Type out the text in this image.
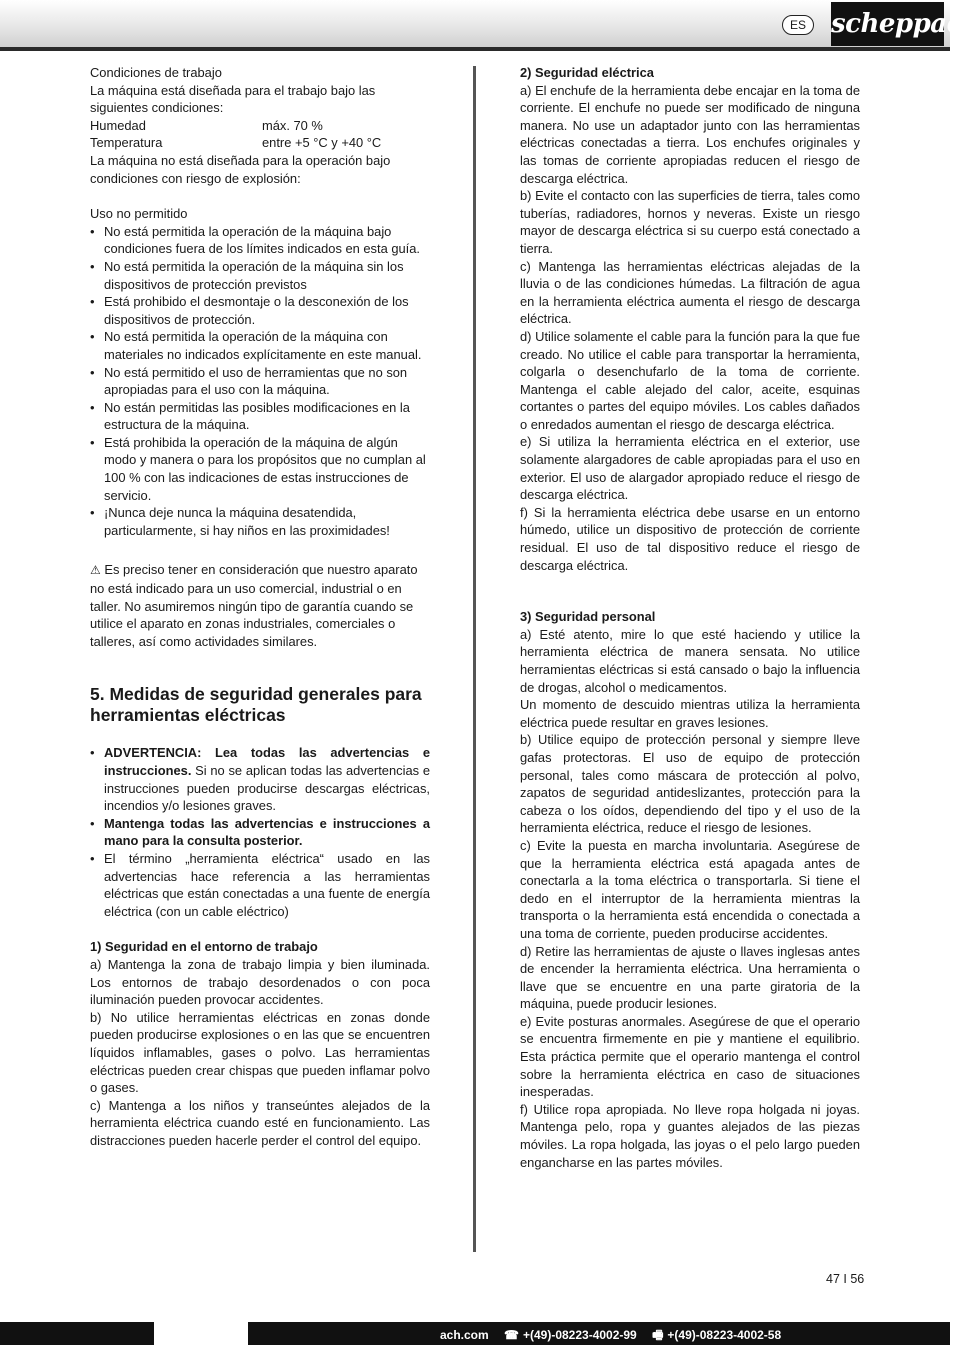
ES scheppach

Condiciones de trabajo

La máquina está diseñada para el trabajo bajo las siguientes condiciones:

Humedad	máx. 70 %
Temperatura	entre +5 °C y +40 °C

La máquina no está diseñada para la operación bajo condiciones con riesgo de explosión:

Uso no permitido

• No está permitida la operación de la máquina bajo condiciones fuera de los límites indicados en esta guía.
• No está permitida la operación de la máquina sin los dispositivos de protección previstos
• Está prohibido el desmontaje o la desconexión de los dispositivos de protección.
• No está permitida la operación de la máquina con materiales no indicados explícitamente en este manual.
• No está permitido el uso de herramientas que no son apropiadas para el uso con la máquina.
• No están permitidas las posibles modificaciones en la estructura de la máquina.
• Está prohibida la operación de la máquina de algún modo y manera o para los propósitos que no cumplan al 100 % con las indicaciones de estas instrucciones de servicio.
• ¡Nunca deje nunca la máquina desatendida, particularmente, si hay niños en las proximidades!

⚠ Es preciso tener en consideración que nuestro aparato no está indicado para un uso comercial, industrial o en taller. No asumiremos ningún tipo de garantía cuando se utilice el aparato en zonas industriales, comerciales o talleres, así como actividades similares.

5. Medidas de seguridad generales para herramientas eléctricas

• ADVERTENCIA: Lea todas las advertencias e instrucciones. Si no se aplican todas las advertencias e instrucciones pueden producirse descargas eléctricas, incendios y/o lesiones graves.
• Mantenga todas las advertencias e instrucciones a mano para la consulta posterior.
• El término „herramienta eléctrica“ usado en las advertencias hace referencia a las herramientas eléctricas que están conectadas a una fuente de energía eléctrica (con un cable eléctrico)

1) Seguridad en el entorno de trabajo

a) Mantenga la zona de trabajo limpia y bien iluminada. Los entornos de trabajo desordenados o con poca iluminación pueden provocar accidentes.

b) No utilice herramientas eléctricas en zonas donde pueden producirse explosiones o en las que se encuentren líquidos inflamables, gases o polvo. Las herramientas eléctricas pueden crear chispas que pueden inflamar polvo o gases.

c) Mantenga a los niños y transeúntes alejados de la herramienta eléctrica cuando esté en funcionamiento. Las distracciones pueden hacerle perder el control del equipo.

2) Seguridad eléctrica

a) El enchufe de la herramienta debe encajar en la toma de corriente. El enchufe no puede ser modificado de ninguna manera. No use un adaptador junto con las herramientas eléctricas conectadas a tierra. Los enchufes originales y las tomas de corriente apropiadas reducen el riesgo de descarga eléctrica.

b) Evite el contacto con las superficies de tierra, tales como tuberías, radiadores, hornos y neveras. Existe un riesgo mayor de descarga eléctrica si su cuerpo está conectado a tierra.

c) Mantenga las herramientas eléctricas alejadas de la lluvia o de las condiciones húmedas. La filtración de agua en la herramienta eléctrica aumenta el riesgo de descarga eléctrica.

d) Utilice solamente el cable para la función para la que fue creado. No utilice el cable para transportar la herramienta, colgarla o desenchufarlo de la toma de corriente. Mantenga el cable alejado del calor, aceite, esquinas cortantes o partes del equipo móviles. Los cables dañados o enredados aumentan el riesgo de descarga eléctrica.

e) Si utiliza la herramienta eléctrica en el exterior, use solamente alargadores de cable apropiadas para el uso en exterior. El uso de alargador apropiado reduce el riesgo de descarga eléctrica.

f) Si la herramienta eléctrica debe usarse en un entorno húmedo, utilice un dispositivo de protección de corriente residual. El uso de tal dispositivo reduce el riesgo de descarga eléctrica.

3) Seguridad personal

a) Esté atento, mire lo que esté haciendo y utilice la herramienta eléctrica de manera sensata. No utilice herramientas eléctricas si está cansado o bajo la influencia de drogas, alcohol o medicamentos.

Un momento de descuido mientras utiliza la herramienta eléctrica puede resultar en graves lesiones.

b) Utilice equipo de protección personal y siempre lleve gafas protectoras. El uso de equipo de protección personal, tales como máscara de protección al polvo, zapatos de seguridad antideslizantes, protección para la cabeza o los oídos, dependiendo del tipo y el uso de la herramienta eléctrica, reduce el riesgo de lesiones.

c) Evite la puesta en marcha involuntaria. Asegúrese de que la herramienta eléctrica está apagada antes de conectarla a la toma eléctrica o transportarla. Si tiene el dedo en el interruptor de la herramienta mientras la transporta o la herramienta está encendida o conectada a una toma de corriente, pueden producirse accidentes.

d) Retire las herramientas de ajuste o llaves inglesas antes de encender la herramienta eléctrica. Una herramienta o llave que se encuentre en una parte giratoria de la máquina, puede producir lesiones.

e) Evite posturas anormales. Asegúrese de que el operario se encuentra firmemente en pie y mantiene el equilibrio. Esta práctica permite que el operario mantenga el control sobre la herramienta eléctrica en caso de situaciones inesperadas.

f) Utilice ropa apropiada. No lleve ropa holgada ni joyas. Mantenga pelo, ropa y guantes alejados de las piezas móviles. La ropa holgada, las joyas o el pelo largo pueden engancharse en las partes móviles.

47 I 56
ach.com ☎ +(49)-08223-4002-99 🖷 +(49)-08223-4002-58
